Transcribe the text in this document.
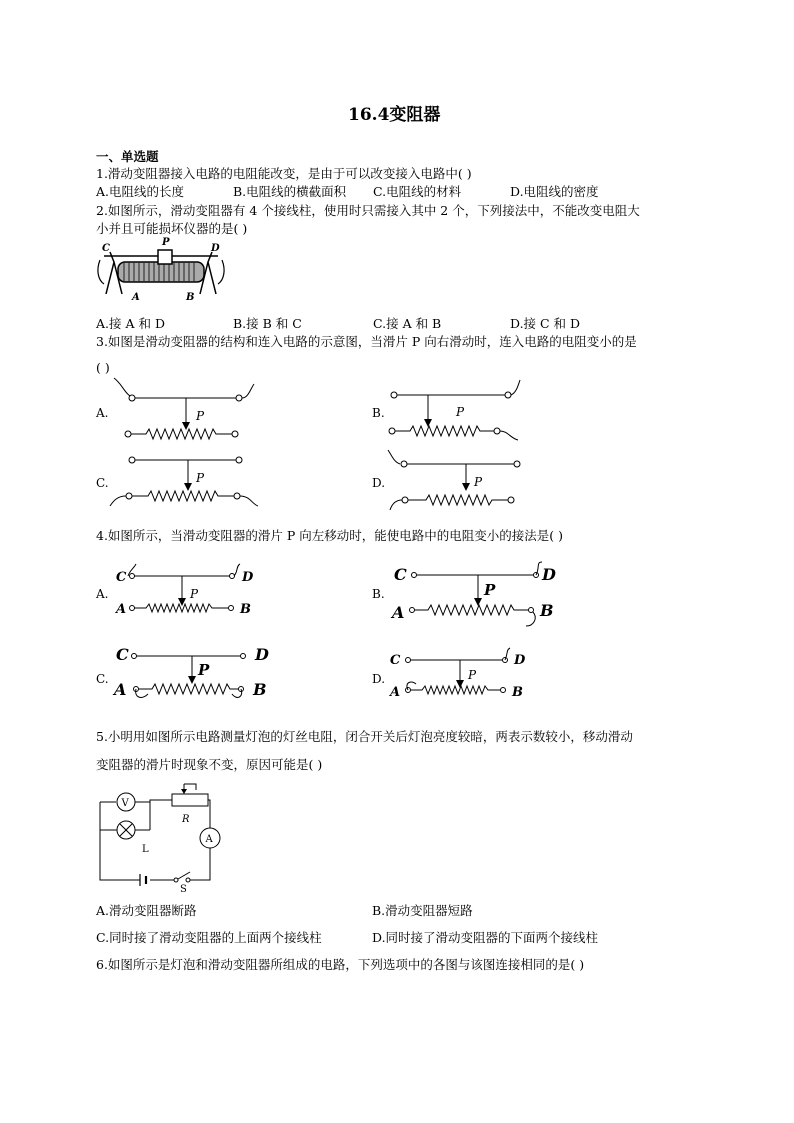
16.4变阻器
一、单选题
1.滑动变阻器接入电路的电阻能改变，是由于可以改变接入电路中( )
A.电阻线的长度	B.电阻线的横截面积 C.电阻线的材料	D.电阻线的密度
2.如图所示，滑动变阻器有 4 个接线柱，使用时只需接入其中 2 个，下列接法中，不能改变电阻大
小并且可能损坏仪器的是( )
C
P
D
A	B
A.接 A 和 D	B.接 B 和 C	C.接 A 和 B	D.接 C 和 D
3.如图是滑动变阻器的结构和连入电路的示意图，当滑片 P 向右滑动时，连入电路的电阻变小的是
( )
A.	P	B.	P
C.	P	D.	P
4.如图所示，当滑动变阻器的滑片 P 向左移动时，能使电路中的电阻变小的接法是( )
A.
C	D
P
A	B
B.
C	D
P
A	B
C.
C	D
P
A	B
D.
C	D
P
A	B
5.小明用如图所示电路测量灯泡的灯丝电阻，闭合开关后灯泡亮度较暗，两表示数较小，移动滑动
变阻器的滑片时现象不变，原因可能是( )
V
L
R
A
S
A.滑动变阻器断路	B.滑动变阻器短路
C.同时接了滑动变阻器的上面两个接线柱	D.同时接了滑动变阻器的下面两个接线柱
6.如图所示是灯泡和滑动变阻器所组成的电路，下列选项中的各图与该图连接相同的是( )
